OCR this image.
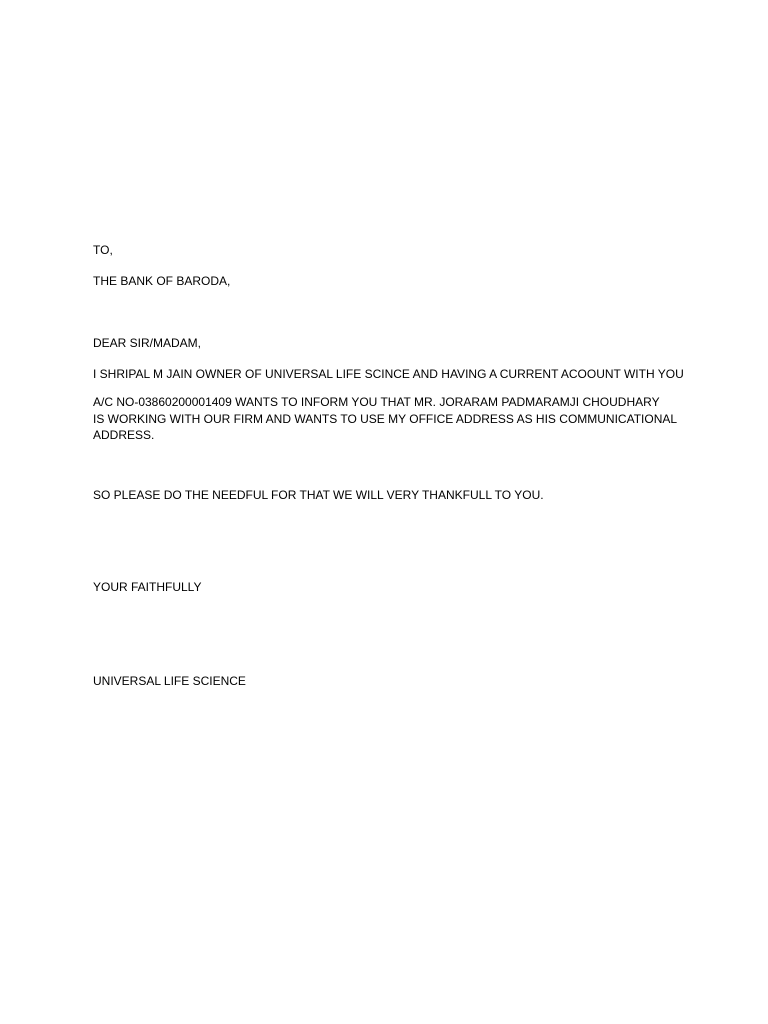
TO,

THE BANK OF BARODA,

DEAR SIR/MADAM,

I SHRIPAL M JAIN OWNER OF UNIVERSAL LIFE SCINCE AND HAVING A CURRENT ACOOUNT WITH YOU

A/C NO-03860200001409 WANTS TO INFORM YOU THAT MR. JORARAM PADMARAMJI CHOUDHARY
IS WORKING WITH OUR FIRM AND WANTS TO USE MY OFFICE ADDRESS AS HIS COMMUNICATIONAL
ADDRESS.

SO PLEASE DO THE NEEDFUL FOR THAT WE WILL VERY THANKFULL TO YOU.

YOUR FAITHFULLY

UNIVERSAL LIFE SCIENCE
